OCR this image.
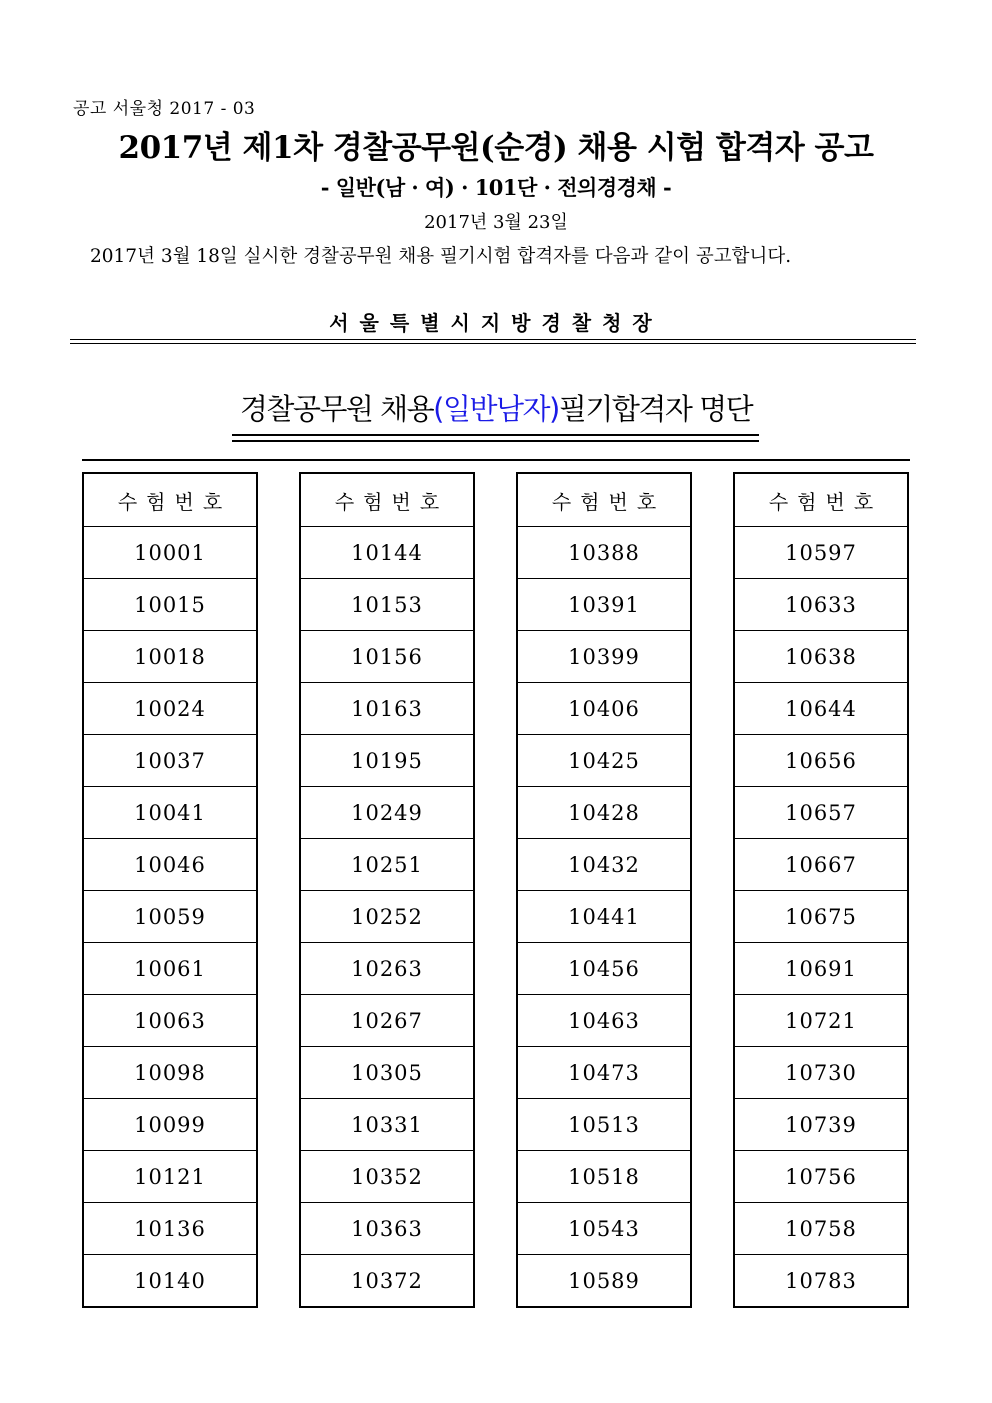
공고 서울청 2017 - 03
2017년 제1차 경찰공무원(순경) 채용 시험 합격자 공고
- 일반(남 · 여) · 101단 · 전의경경채 -
2017년 3월 23일
2017년 3월 18일 실시한 경찰공무원 채용 필기시험 합격자를 다음과 같이 공고합니다.
서울특별시지방경찰청장
경찰공무원 채용(일반남자)필기합격자 명단
수험번호
10001
10015
10018
10024
10037
10041
10046
10059
10061
10063
10098
10099
10121
10136
10140
수험번호
10144
10153
10156
10163
10195
10249
10251
10252
10263
10267
10305
10331
10352
10363
10372
수험번호
10388
10391
10399
10406
10425
10428
10432
10441
10456
10463
10473
10513
10518
10543
10589
수험번호
10597
10633
10638
10644
10656
10657
10667
10675
10691
10721
10730
10739
10756
10758
10783
